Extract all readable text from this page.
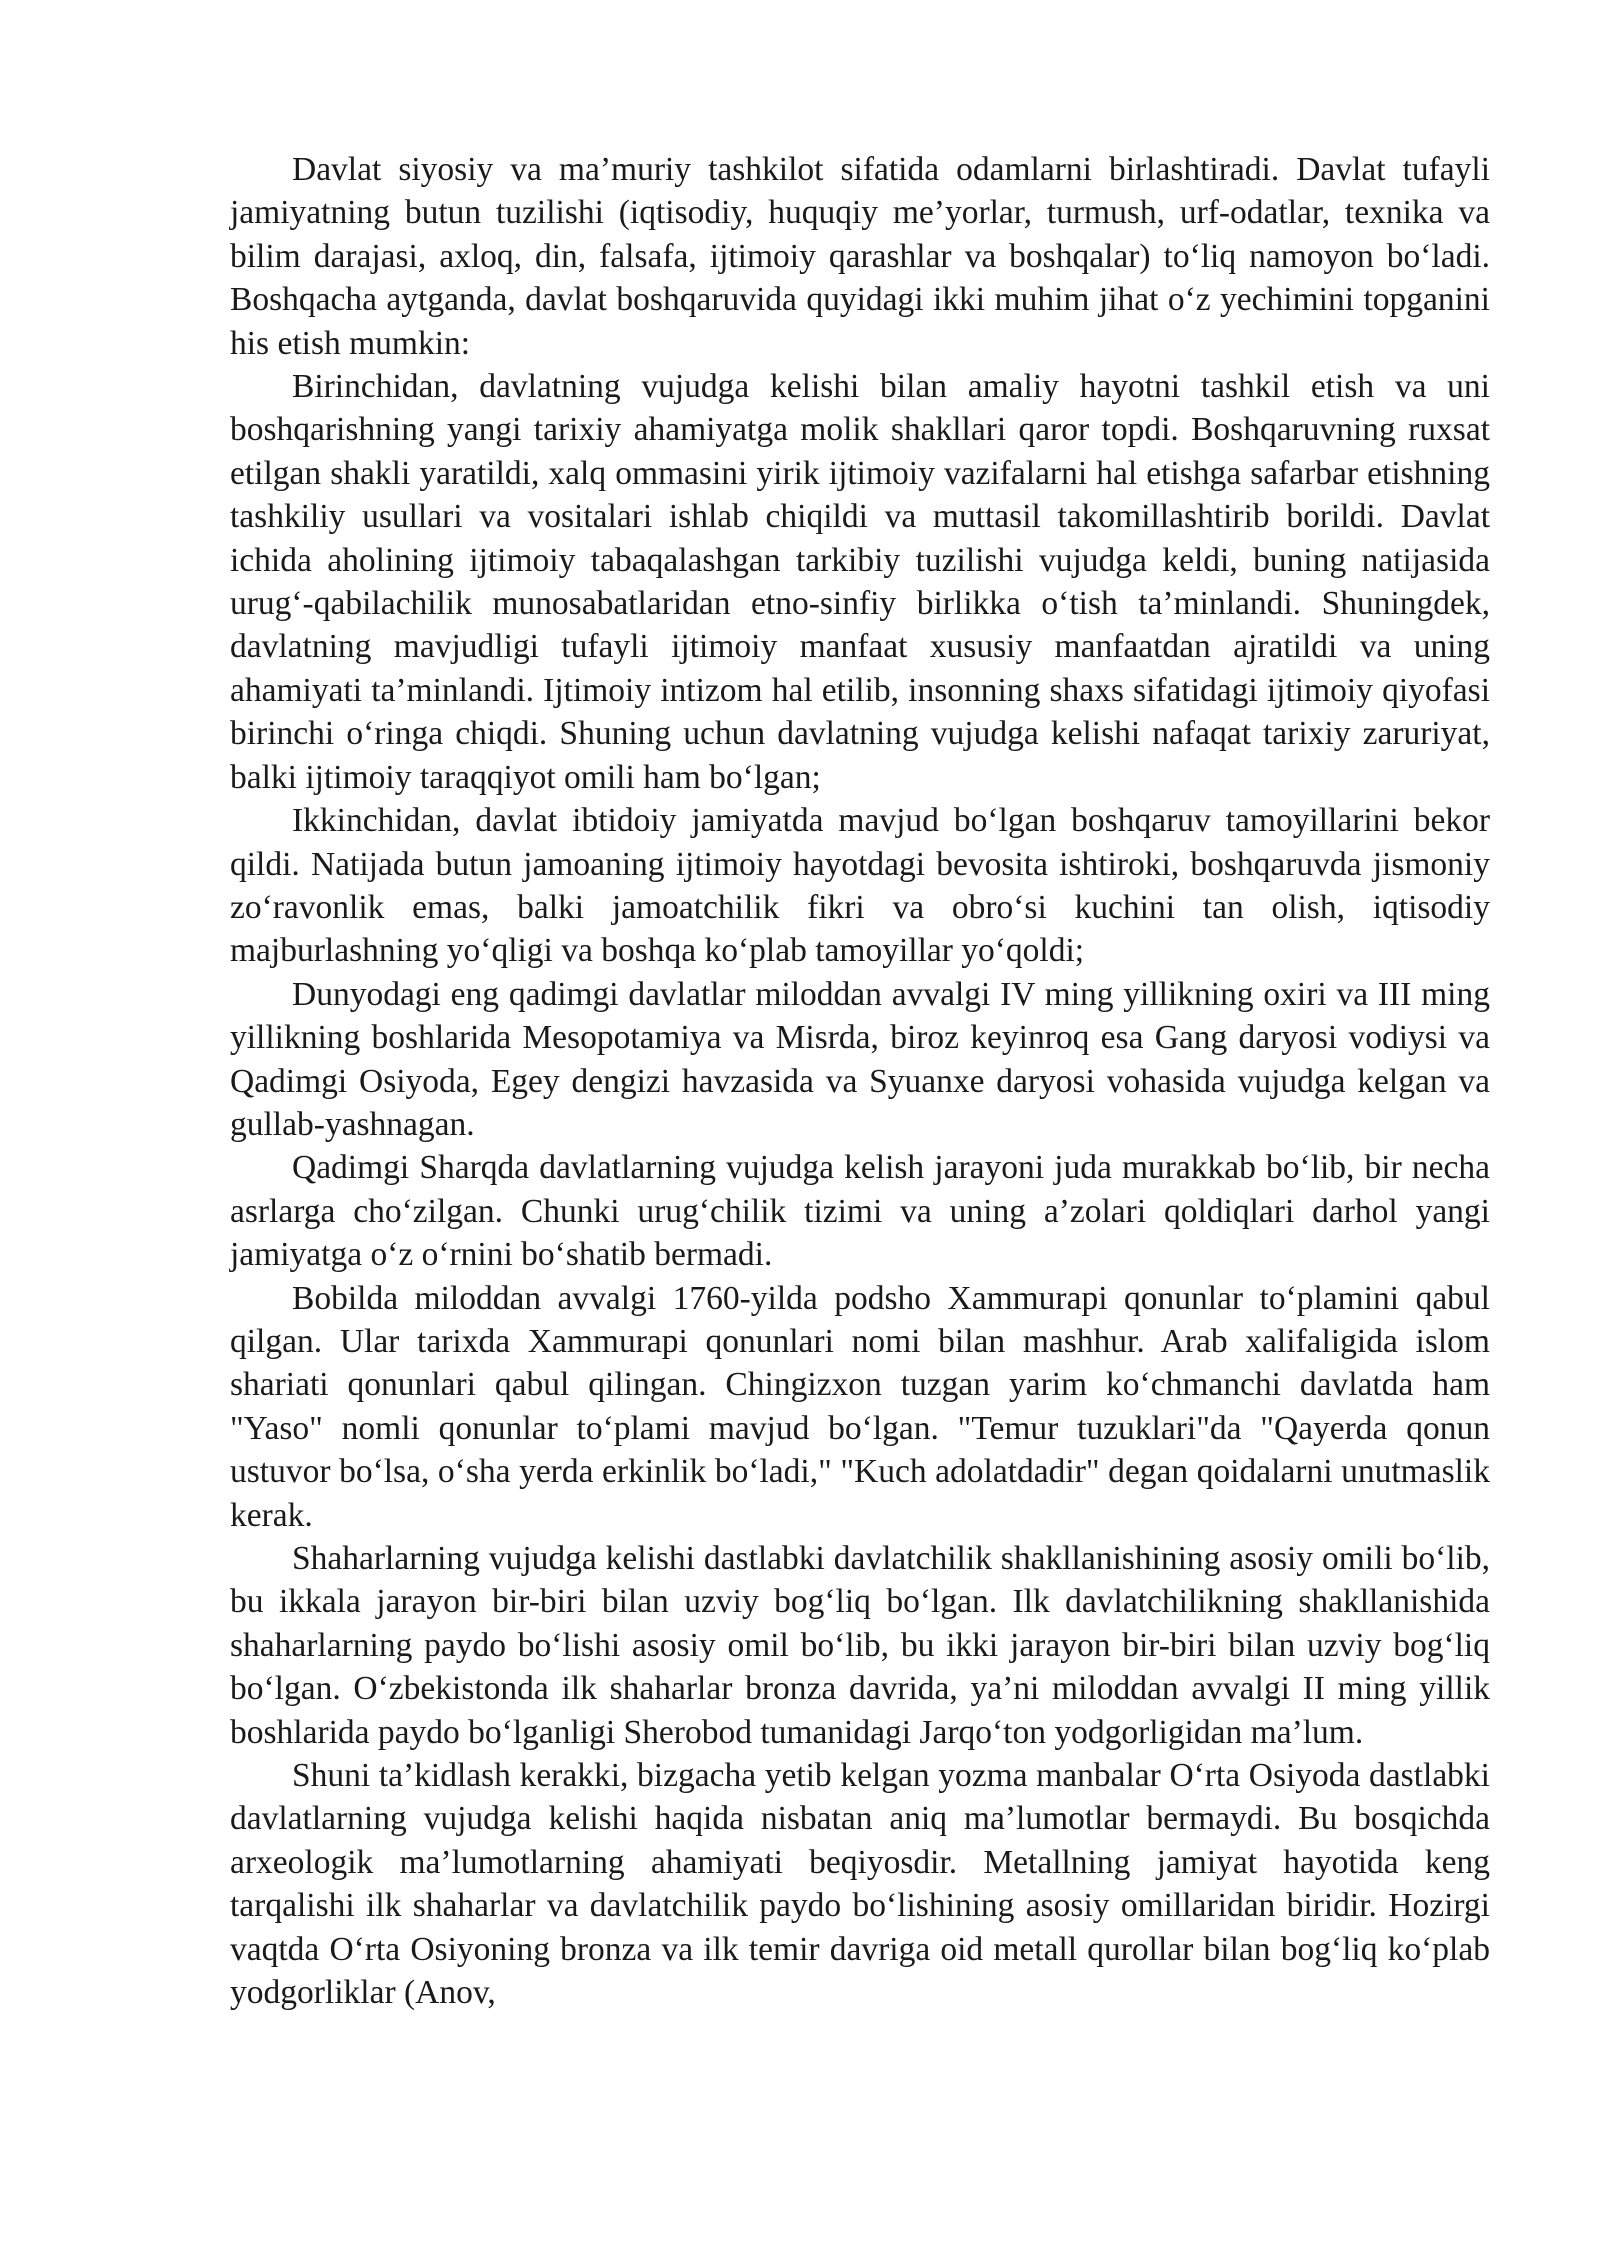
Davlat siyosiy va ma’muriy tashkilot sifatida odamlarni birlashtiradi. Davlat tufayli jamiyatning butun tuzilishi (iqtisodiy, huquqiy me’yorlar, turmush, urf-odatlar, texnika va bilim darajasi, axloq, din, falsafa, ijtimoiy qarashlar va boshqalar) to‘liq namoyon bo‘ladi. Boshqacha aytganda, davlat boshqaruvida quyidagi ikki muhim jihat o‘z yechimini topganini his etish mumkin:

Birinchidan, davlatning vujudga kelishi bilan amaliy hayotni tashkil etish va uni boshqarishning yangi tarixiy ahamiyatga molik shakllari qaror topdi. Boshqaruvning ruxsat etilgan shakli yaratildi, xalq ommasini yirik ijtimoiy vazifalarni hal etishga safarbar etishning tashkiliy usullari va vositalari ishlab chiqildi va muttasil takomillashtirib borildi. Davlat ichida aholining ijtimoiy tabaqalashgan tarkibiy tuzilishi vujudga keldi, buning natijasida urug‘-qabilachilik munosabatlaridan etno-sinfiy birlikka o‘tish ta’minlandi. Shuningdek, davlatning mavjudligi tufayli ijtimoiy manfaat xususiy manfaatdan ajratildi va uning ahamiyati ta’minlandi. Ijtimoiy intizom hal etilib, insonning shaxs sifatidagi ijtimoiy qiyofasi birinchi o‘ringa chiqdi. Shuning uchun davlatning vujudga kelishi nafaqat tarixiy zaruriyat, balki ijtimoiy taraqqiyot omili ham bo‘lgan;

Ikkinchidan, davlat ibtidoiy jamiyatda mavjud bo‘lgan boshqaruv tamoyillarini bekor qildi. Natijada butun jamoaning ijtimoiy hayotdagi bevosita ishtiroki, boshqaruvda jismoniy zo‘ravonlik emas, balki jamoatchilik fikri va obro‘si kuchini tan olish, iqtisodiy majburlashning yo‘qligi va boshqa ko‘plab tamoyillar yo‘qoldi;

Dunyodagi eng qadimgi davlatlar miloddan avvalgi IV ming yillikning oxiri va III ming yillikning boshlarida Mesopotamiya va Misrda, biroz keyinroq esa Gang daryosi vodiysi va Qadimgi Osiyoda, Egey dengizi havzasida va Syuanxe daryosi vohasida vujudga kelgan va gullab-yashnagan.

Qadimgi Sharqda davlatlarning vujudga kelish jarayoni juda murakkab bo‘lib, bir necha asrlarga cho‘zilgan. Chunki urug‘chilik tizimi va uning a’zolari qoldiqlari darhol yangi jamiyatga o‘z o‘rnini bo‘shatib bermadi.

Bobilda miloddan avvalgi 1760-yilda podsho Xammurapi qonunlar to‘plamini qabul qilgan. Ular tarixda Xammurapi qonunlari nomi bilan mashhur. Arab xalifaligida islom shariati qonunlari qabul qilingan. Chingizxon tuzgan yarim ko‘chmanchi davlatda ham "Yaso" nomli qonunlar to‘plami mavjud bo‘lgan. "Temur tuzuklari"da "Qayerda qonun ustuvor bo‘lsa, o‘sha yerda erkinlik bo‘ladi," "Kuch adolatdadir" degan qoidalarni unutmaslik kerak.

Shaharlarning vujudga kelishi dastlabki davlatchilik shakllanishining asosiy omili bo‘lib, bu ikkala jarayon bir-biri bilan uzviy bog‘liq bo‘lgan. Ilk davlatchilikning shakllanishida shaharlarning paydo bo‘lishi asosiy omil bo‘lib, bu ikki jarayon bir-biri bilan uzviy bog‘liq bo‘lgan. O‘zbekistonda ilk shaharlar bronza davrida, ya’ni miloddan avvalgi II ming yillik boshlarida paydo bo‘lganligi Sherobod tumanidagi Jarqo‘ton yodgorligidan ma’lum.

Shuni ta’kidlash kerakki, bizgacha yetib kelgan yozma manbalar O‘rta Osiyoda dastlabki davlatlarning vujudga kelishi haqida nisbatan aniq ma’lumotlar bermaydi. Bu bosqichda arxeologik ma’lumotlarning ahamiyati beqiyosdir. Metallning jamiyat hayotida keng tarqalishi ilk shaharlar va davlatchilik paydo bo‘lishining asosiy omillaridan biridir. Hozirgi vaqtda O‘rta Osiyoning bronza va ilk temir davriga oid metall qurollar bilan bog‘liq ko‘plab yodgorliklar (Anov,
